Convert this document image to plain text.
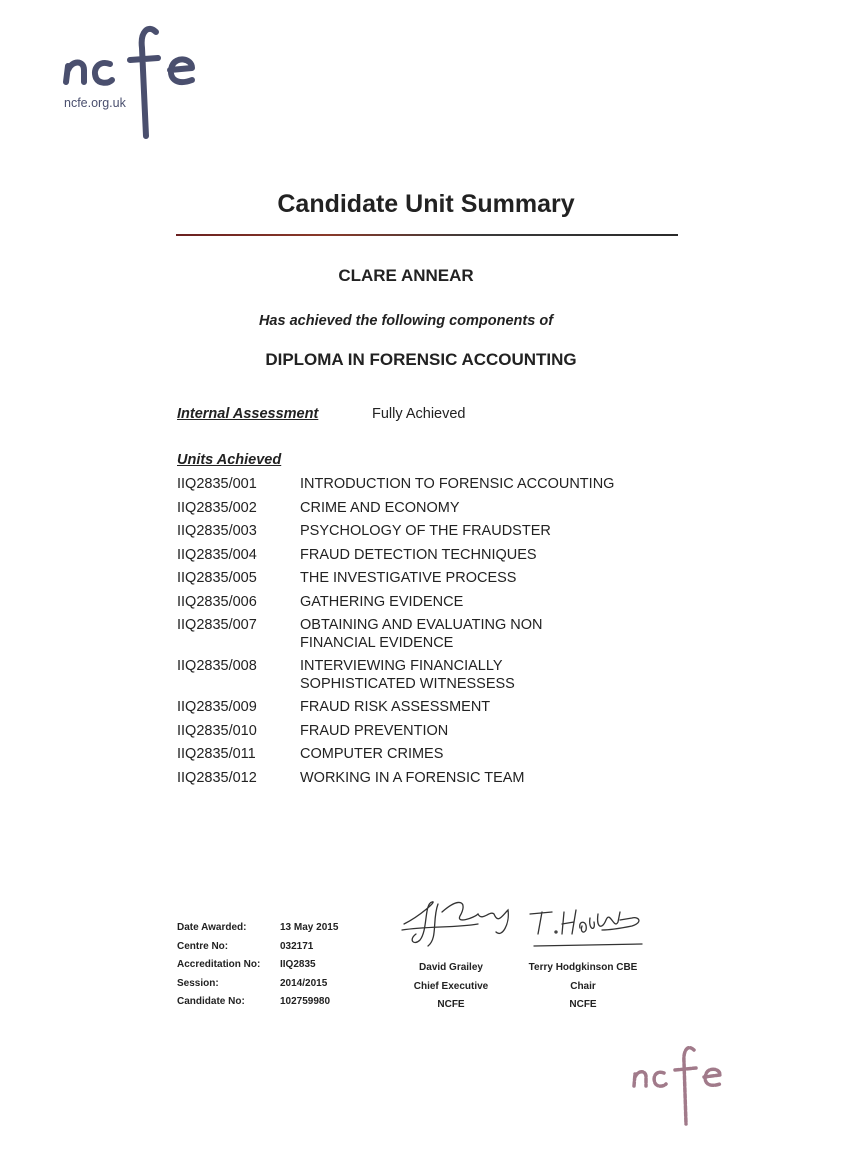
ncfe.org.uk
Candidate Unit Summary
CLARE ANNEAR
Has achieved the following components of
DIPLOMA IN FORENSIC ACCOUNTING
Internal Assessment	Fully Achieved
Units Achieved
IIQ2835/001	INTRODUCTION TO FORENSIC ACCOUNTING
IIQ2835/002	CRIME AND ECONOMY
IIQ2835/003	PSYCHOLOGY OF THE FRAUDSTER
IIQ2835/004	FRAUD DETECTION TECHNIQUES
IIQ2835/005	THE INVESTIGATIVE PROCESS
IIQ2835/006	GATHERING EVIDENCE
IIQ2835/007	OBTAINING AND EVALUATING NON FINANCIAL EVIDENCE
IIQ2835/008	INTERVIEWING FINANCIALLY SOPHISTICATED WITNESSESS
IIQ2835/009	FRAUD RISK ASSESSMENT
IIQ2835/010	FRAUD PREVENTION
IIQ2835/011	COMPUTER CRIMES
IIQ2835/012	WORKING IN A FORENSIC TEAM
Date Awarded:	13 May 2015
Centre No:	032171
Accreditation No:	IIQ2835
Session:	2014/2015
Candidate No:	102759980
David Grailey
Chief Executive
NCFE
Terry Hodgkinson CBE
Chair
NCFE
